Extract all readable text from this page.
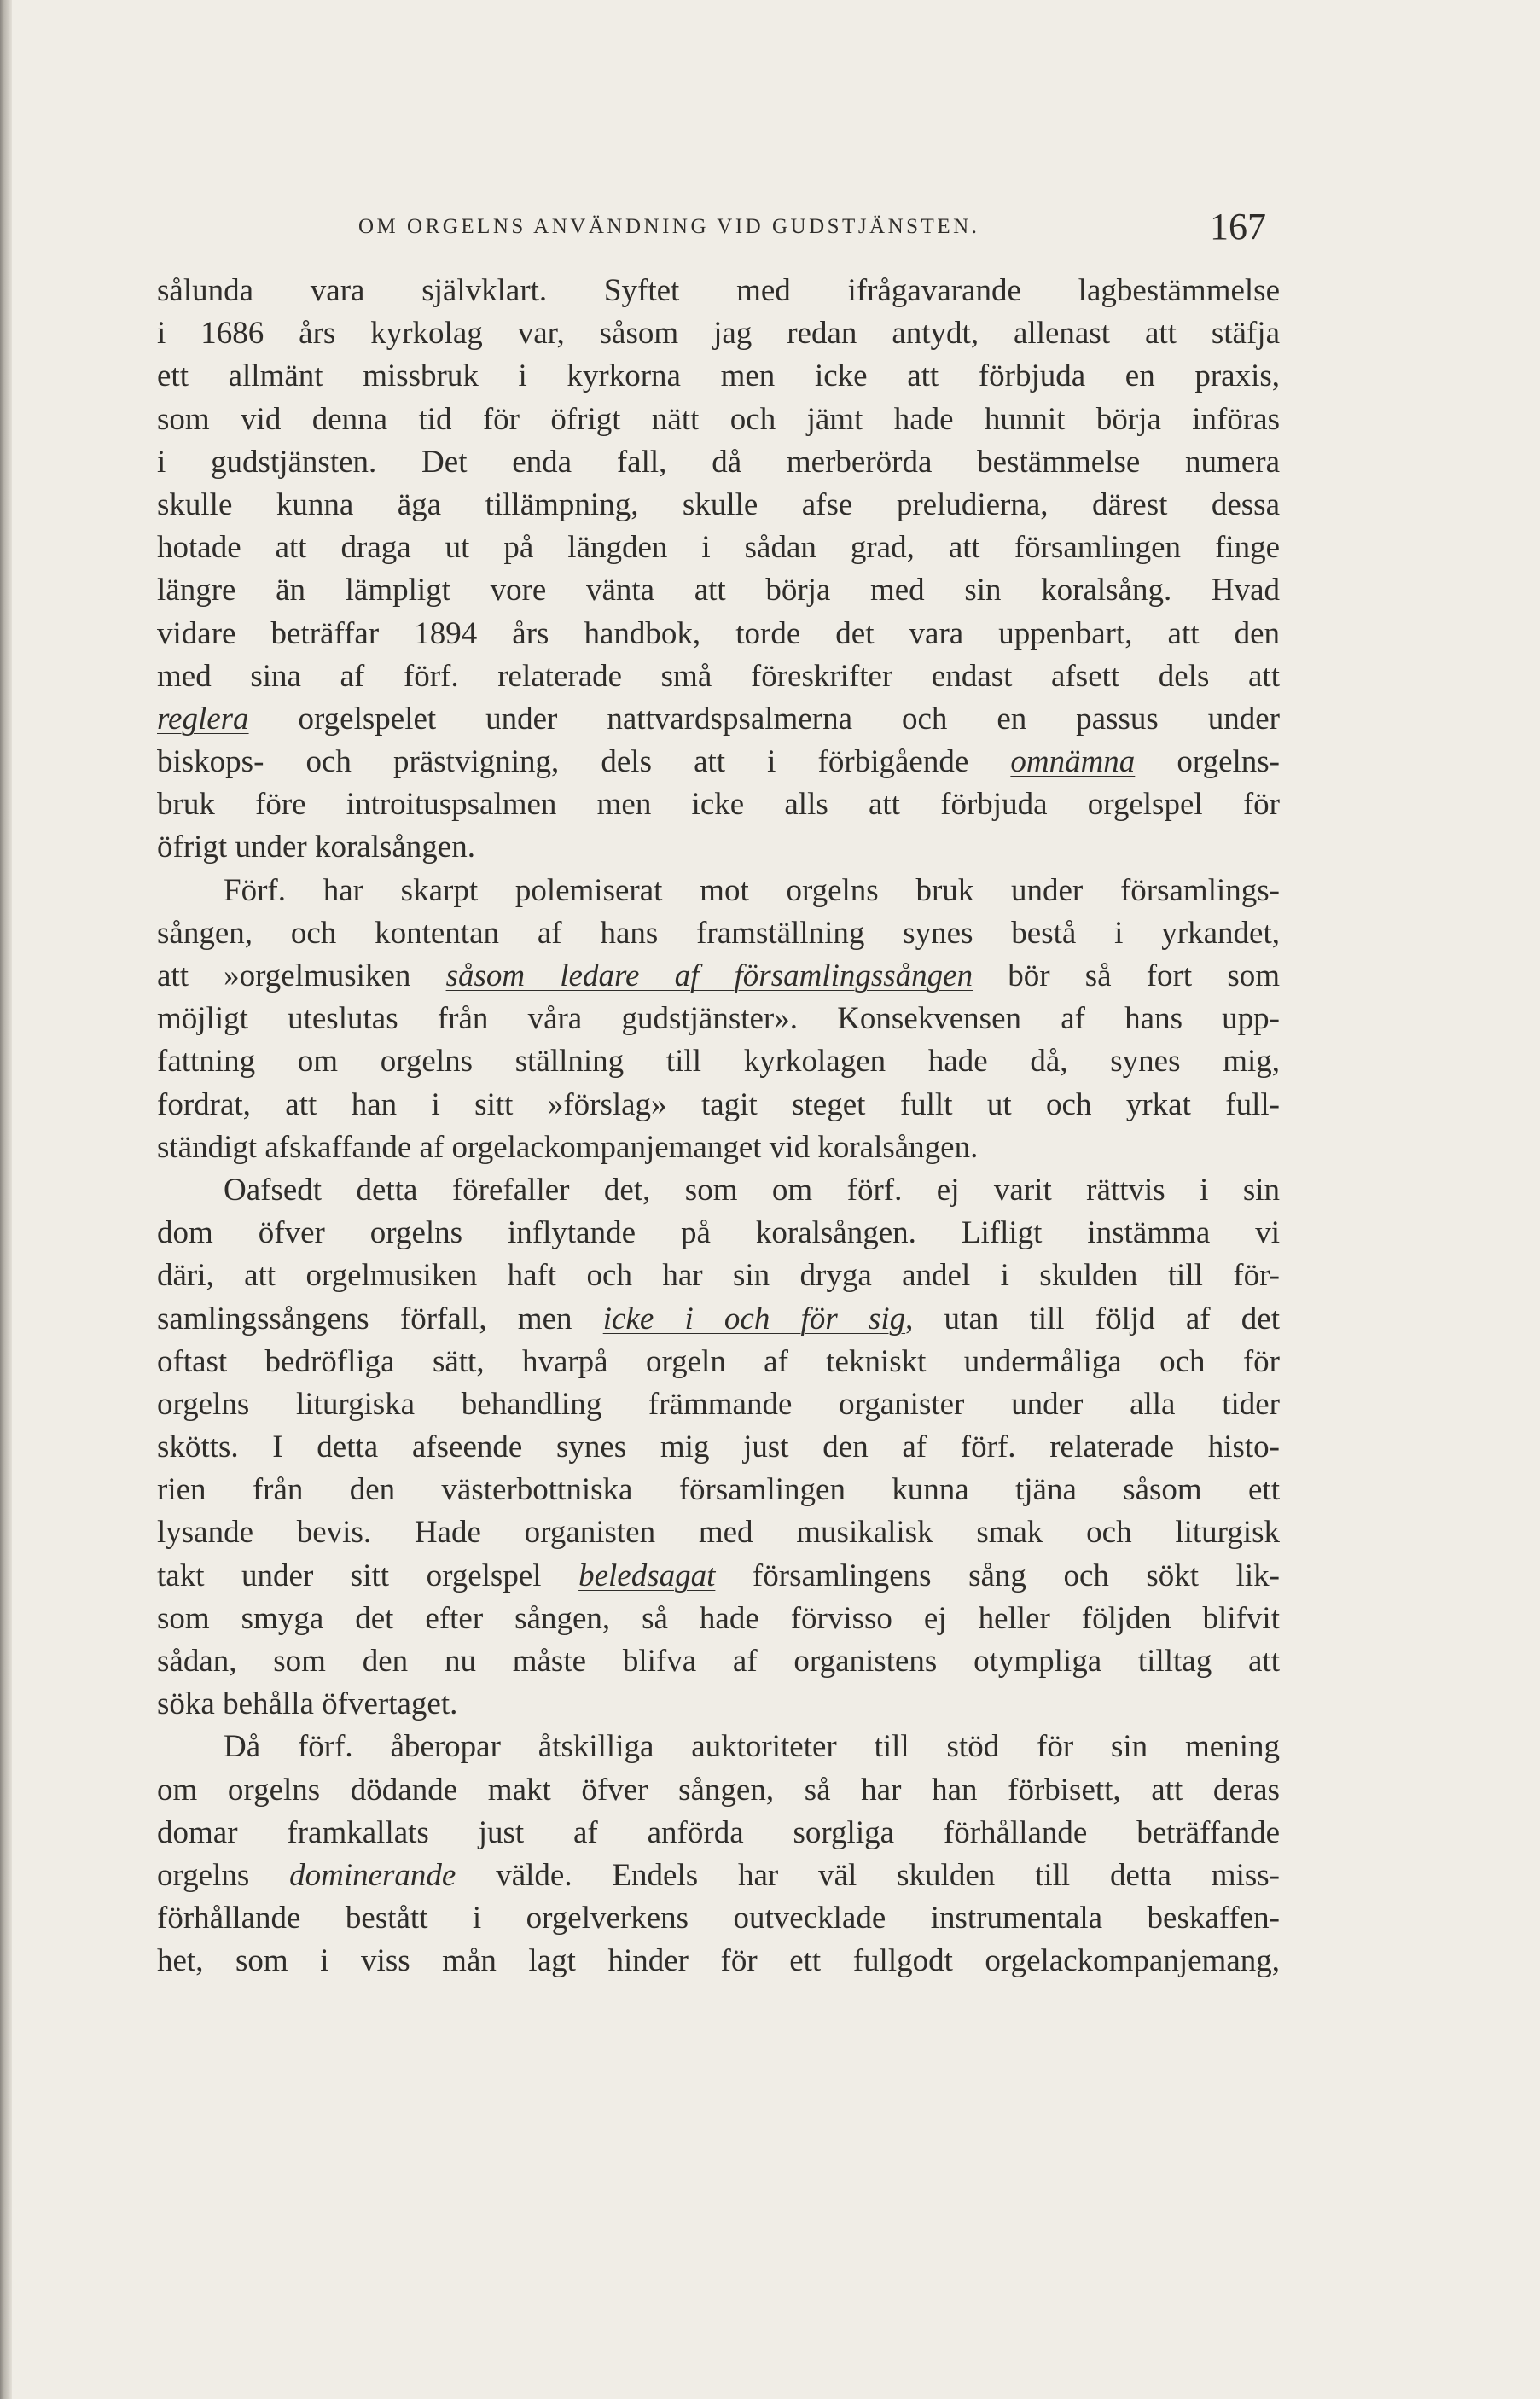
OM ORGELNS ANVÄNDNING VID GUDSTJÄNSTEN.	167
sålunda vara självklart. Syftet med ifrågavarande lagbestämmelse
i 1686 års kyrkolag var, såsom jag redan antydt, allenast att stäfja
ett allmänt missbruk i kyrkorna men icke att förbjuda en praxis,
som vid denna tid för öfrigt nätt och jämt hade hunnit börja införas
i gudstjänsten. Det enda fall, då merberörda bestämmelse numera
skulle kunna äga tillämpning, skulle afse preludierna, därest dessa
hotade att draga ut på längden i sådan grad, att församlingen finge
längre än lämpligt vore vänta att börja med sin koralsång. Hvad
vidare beträffar 1894 års handbok, torde det vara uppenbart, att den
med sina af förf. relaterade små föreskrifter endast afsett dels att
reglera orgelspelet under nattvardspsalmerna och en passus under
biskops- och prästvigning, dels att i förbigående omnämna orgelns-
bruk före introituspsalmen men icke alls att förbjuda orgelspel för
öfrigt under koralsången.
Förf. har skarpt polemiserat mot orgelns bruk under församlings-
sången, och kontentan af hans framställning synes bestå i yrkandet,
att »orgelmusiken såsom ledare af församlingssången bör så fort som
möjligt uteslutas från våra gudstjänster». Konsekvensen af hans upp-
fattning om orgelns ställning till kyrkolagen hade då, synes mig,
fordrat, att han i sitt »förslag» tagit steget fullt ut och yrkat full-
ständigt afskaffande af orgelackompanjemanget vid koralsången.
Oafsedt detta förefaller det, som om förf. ej varit rättvis i sin
dom öfver orgelns inflytande på koralsången. Lifligt instämma vi
däri, att orgelmusiken haft och har sin dryga andel i skulden till för-
samlingssångens förfall, men icke i och för sig, utan till följd af det
oftast bedröfliga sätt, hvarpå orgeln af tekniskt undermåliga och för
orgelns liturgiska behandling främmande organister under alla tider
skötts. I detta afseende synes mig just den af förf. relaterade histo-
rien från den västerbottniska församlingen kunna tjäna såsom ett
lysande bevis. Hade organisten med musikalisk smak och liturgisk
takt under sitt orgelspel beledsagat församlingens sång och sökt lik-
som smyga det efter sången, så hade förvisso ej heller följden blifvit
sådan, som den nu måste blifva af organistens otympliga tilltag att
söka behålla öfvertaget.
Då förf. åberopar åtskilliga auktoriteter till stöd för sin mening
om orgelns dödande makt öfver sången, så har han förbisett, att deras
domar framkallats just af anförda sorgliga förhållande beträffande
orgelns dominerande välde. Endels har väl skulden till detta miss-
förhållande bestått i orgelverkens outvecklade instrumentala beskaffen-
het, som i viss mån lagt hinder för ett fullgodt orgelackompanjemang,
